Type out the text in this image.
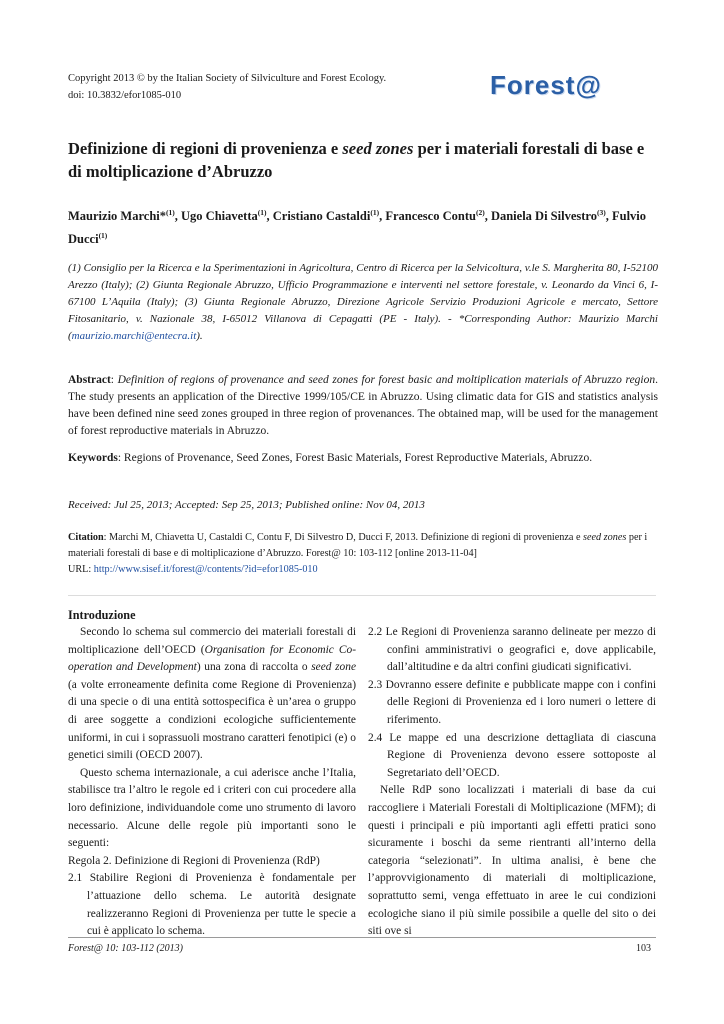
Copyright 2013 © by the Italian Society of Silviculture and Forest Ecology.
doi: 10.3832/efor1085-010	Forest@
Definizione di regioni di provenienza e seed zones per i materiali forestali di base e di moltiplicazione d’Abruzzo
Maurizio Marchi*$^{(1)}$, Ugo Chiavetta$^{(1)}$, Cristiano Castaldi$^{(1)}$, Francesco Contu$^{(2)}$, Daniela Di Silvestro$^{(3)}$, Fulvio Ducci$^{(1)}$
(1) Consiglio per la Ricerca e la Sperimentazioni in Agricoltura, Centro di Ricerca per la Selvicoltura, v.le S. Margherita 80, I-52100 Arezzo (Italy); (2) Giunta Regionale Abruzzo, Ufficio Programmazione e interventi nel settore forestale, v. Leonardo da Vinci 6, I-67100 L’Aquila (Italy); (3) Giunta Regionale Abruzzo, Direzione Agricole Servizio Produzioni Agricole e mercato, Settore Fitosanitario, v. Nazionale 38, I-65012 Villanova di Cepagatti (PE - Italy). - *Corresponding Author: Maurizio Marchi (maurizio.marchi@entecra.it).
Abstract: Definition of regions of provenance and seed zones for forest basic and moltiplication materials of Abruzzo region. The study presents an application of the Directive 1999/105/CE in Abruzzo. Using climatic data for GIS and statistics analysis have been defined nine seed zones grouped in three region of provenances. The obtained map, will be used for the management of forest reproductive materials in Abruzzo.
Keywords: Regions of Provenance, Seed Zones, Forest Basic Materials, Forest Reproductive Materials, Abruzzo.
Received: Jul 25, 2013; Accepted: Sep 25, 2013; Published online: Nov 04, 2013
Citation: Marchi M, Chiavetta U, Castaldi C, Contu F, Di Silvestro D, Ducci F, 2013. Definizione di regioni di provenienza e seed zones per i materiali forestali di base e di moltiplicazione d’Abruzzo. Forest@ 10: 103-112 [online 2013-11-04]
URL: http://www.sisef.it/forest@/contents/?id=efor1085-010
Introduzione

Secondo lo schema sul commercio dei materiali forestali di moltiplicazione dell’OECD (Organisation for Economic Co-operation and Development) una zona di raccolta o seed zone (a volte erroneamente definita come Regione di Provenienza) di una specie o di una entità sottospecifica è un’area o gruppo di aree soggette a condizioni ecologiche sufficientemente uniformi, in cui i soprassuoli mostrano caratteri fenotipici (e) o genetici simili (OECD 2007).

Questo schema internazionale, a cui aderisce anche l’Italia, stabilisce tra l’altro le regole ed i criteri con cui procedere alla loro definizione, individuandole come uno strumento di lavoro necessario. Alcune delle regole più importanti sono le seguenti:

Regola 2. Definizione di Regioni di Provenienza (RdP)

2.1 Stabilire Regioni di Provenienza è fondamentale per l’attuazione dello schema. Le autorità designate realizzeranno Regioni di Provenienza per tutte le specie a cui è applicato lo schema.

2.2 Le Regioni di Provenienza saranno delineate per mezzo di confini amministrativi o geografici e, dove applicabile, dall’altitudine e da altri confini giudicati significativi.

2.3 Dovranno essere definite e pubblicate mappe con i confini delle Regioni di Provenienza ed i loro numeri o lettere di riferimento.

2.4 Le mappe ed una descrizione dettagliata di ciascuna Regione di Provenienza devono essere sottoposte al Segretariato dell’OECD.

Nelle RdP sono localizzati i materiali di base da cui raccogliere i Materiali Forestali di Moltiplicazione (MFM); di questi i principali e più importanti agli effetti pratici sono sicuramente i boschi da seme rientranti all’interno della categoria “selezionati”. In ultima analisi, è bene che l’approvvigionamento di materiali di moltiplicazione, soprattutto semi, venga effettuato in aree le cui condizioni ecologiche siano il più simile possibile a quelle del sito o dei siti ove si

Forest@ 10: 103-112 (2013)	103
